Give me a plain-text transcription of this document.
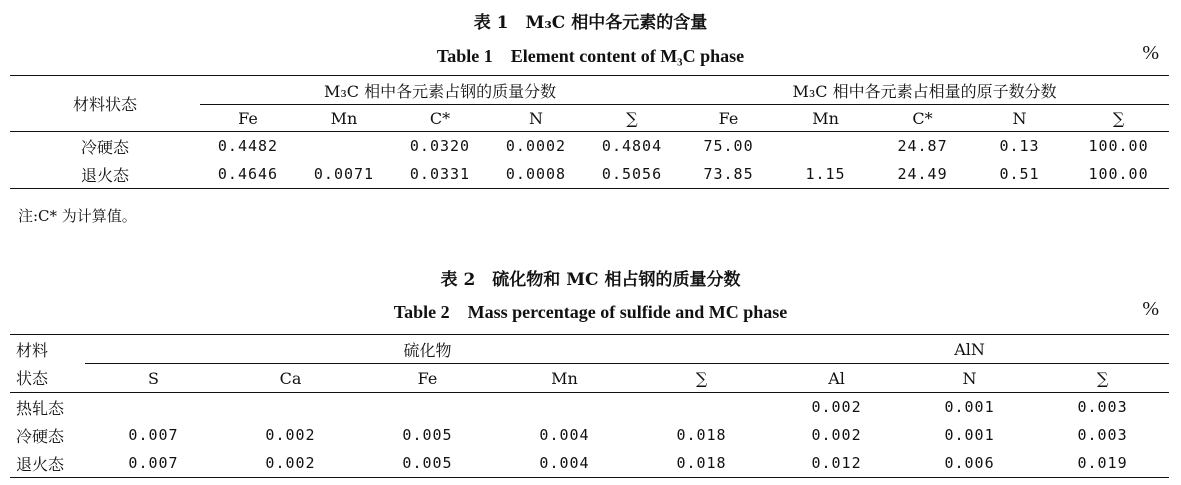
表 1　M₃C 相中各元素的含量
Table 1　Element content of M₃C phase	%
材料状态	M₃C 相中各元素占钢的质量分数					M₃C 相中各元素占相量的原子数分数				
	Fe	Mn	C*	N	∑	Fe	Mn	C*	N	∑
冷硬态	0.4482		0.0320	0.0002	0.4804	75.00		24.87	0.13	100.00
退火态	0.4646	0.0071	0.0331	0.0008	0.5056	73.85	1.15	24.49	0.51	100.00
注:C* 为计算值。
表 2　硫化物和 MC 相占钢的质量分数
Table 2　Mass percentage of sulfide and MC phase	%
材料	硫化物					AlN		
状态	S	Ca	Fe	Mn	∑	Al	N	∑
热轧态						0.002	0.001	0.003
冷硬态	0.007	0.002	0.005	0.004	0.018	0.002	0.001	0.003
退火态	0.007	0.002	0.005	0.004	0.018	0.012	0.006	0.019
